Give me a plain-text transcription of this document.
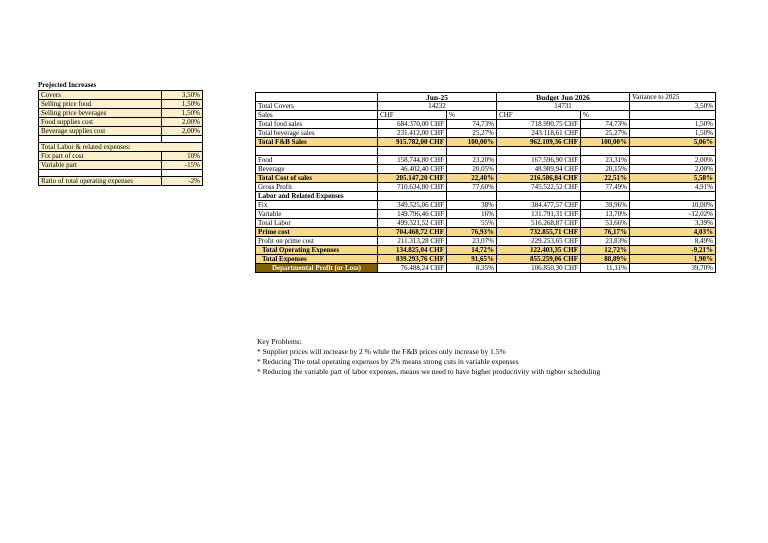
Projected Increases
Covers	3,50%
Selling price food	1,50%
Selling price beverages	1,50%
Food supplies cost	2,00%
Beverage supplies cost	2,00%

Total Labor & related expenses:	
Fix part of cost	10%
Variable part	-15%

Ratio of total operating expenses	-2%
	Jun-25		Budget Jun 2026		Variance to 2025
Total Covers	14232		14731		3,50%
Sales	CHF	%	CHF	%	
Total food sales	684.370,00 CHF	74,73%	718.990,75 CHF	74,73%	1,50%
Total beverage sales	231.412,00 CHF	25,27%	243.118,61 CHF	25,27%	1,50%
Total F&B Sales	915.782,00 CHF	100,00%	962.109,36 CHF	100,00%	5,06%

Food	158.744,80 CHF	23,20%	167.596,90 CHF	23,31%	2,00%
Beverage	46.402,40 CHF	20,05%	48.989,94 CHF	20,15%	2,00%
Total Cost of sales	205.147,20 CHF	22,40%	216.586,84 CHF	22,51%	5,58%
Gross Profit	710.634,80 CHF	77,60%	745.522,52 CHF	77,49%	4,91%
Labor and Related Expenses					
Fix	349.525,06 CHF	38%	384.477,57 CHF	39,96%	10,00%
Variable	149.796,46 CHF	16%	131.791,31 CHF	13,70%	-12,02%
Total Labor	499.321,52 CHF	55%	516.268,87 CHF	53,66%	3,39%
Prime cost	704.468,72 CHF	76,93%	732.855,71 CHF	76,17%	4,03%
Profit on prime cost	211.313,28 CHF	23,07%	229.253,65 CHF	23,83%	8,49%
Total Operating Expenses	134.825,04 CHF	14,72%	122.403,35 CHF	12,72%	-9,21%
Total Expenses	839.293,76 CHF	91,65%	855.259,06 CHF	88,89%	1,90%
Departmental Profit (or Loss)	76.488,24 CHF	8,35%	106.850,30 CHF	11,11%	39,70%
Key Problems:
* Supplier prices will increase by 2 % while the F&B prices only increase by 1.5%
* Reducing The total operating expenses by 2% means strong cuts in variable expenses
* Reducing the variable part of labor expenses, means we need to have higher productivity with tighter scheduling
